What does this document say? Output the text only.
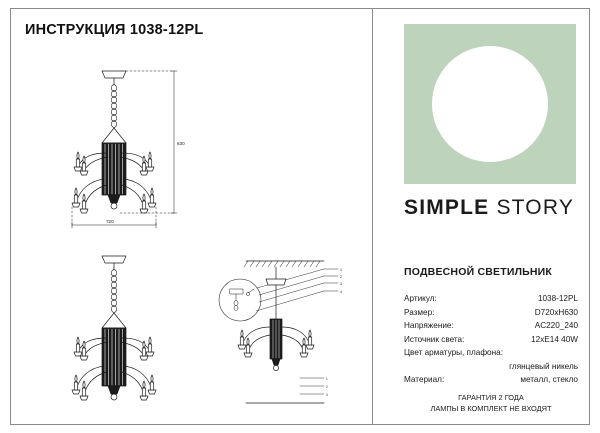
ИНСТРУКЦИЯ 1038-12PL
630
720
1
2
3
4
1
2
3
SIMPLE STORY
ПОДВЕСНОЙ СВЕТИЛЬНИК
Артикул:	1038-12PL
Размер:	D720хH630
Напряжение:	AC220_240
Источник света:	12хE14 40W
Цвет арматуры, плафона:
глянцевый никель
Материал:	металл, стекло
ГАРАНТИЯ 2 ГОДА
ЛАМПЫ В КОМПЛЕКТ НЕ ВХОДЯТ
